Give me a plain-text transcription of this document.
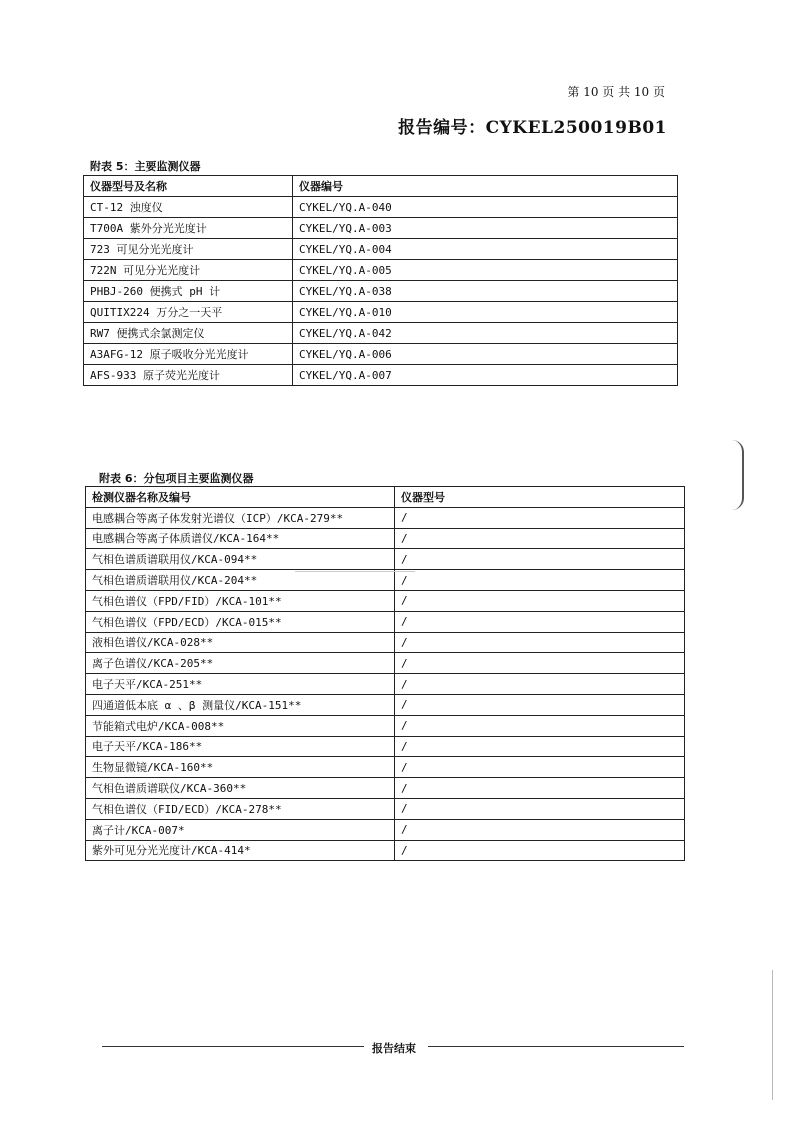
第 10 页 共 10 页
报告编号：CYKEL250019B01
附表 5：主要监测仪器
仪器型号及名称	仪器编号
CT-12 浊度仪	CYKEL/YQ.A-040
T700A 紫外分光光度计	CYKEL/YQ.A-003
723 可见分光光度计	CYKEL/YQ.A-004
722N 可见分光光度计	CYKEL/YQ.A-005
PHBJ-260 便携式 pH 计	CYKEL/YQ.A-038
QUITIX224 万分之一天平	CYKEL/YQ.A-010
RW7 便携式余氯测定仪	CYKEL/YQ.A-042
A3AFG-12 原子吸收分光光度计	CYKEL/YQ.A-006
AFS-933 原子荧光光度计	CYKEL/YQ.A-007
附表 6：分包项目主要监测仪器
检测仪器名称及编号	仪器型号
电感耦合等离子体发射光谱仪（ICP）/KCA-279**	/
电感耦合等离子体质谱仪/KCA-164**	/
气相色谱质谱联用仪/KCA-094**	/
气相色谱质谱联用仪/KCA-204**	/
气相色谱仪（FPD/FID）/KCA-101**	/
气相色谱仪（FPD/ECD）/KCA-015**	/
液相色谱仪/KCA-028**	/
离子色谱仪/KCA-205**	/
电子天平/KCA-251**	/
四通道低本底 α 、β 测量仪/KCA-151**	/
节能箱式电炉/KCA-008**	/
电子天平/KCA-186**	/
生物显微镜/KCA-160**	/
气相色谱质谱联仪/KCA-360**	/
气相色谱仪（FID/ECD）/KCA-278**	/
离子计/KCA-007*	/
紫外可见分光光度计/KCA-414*	/
报告结束
